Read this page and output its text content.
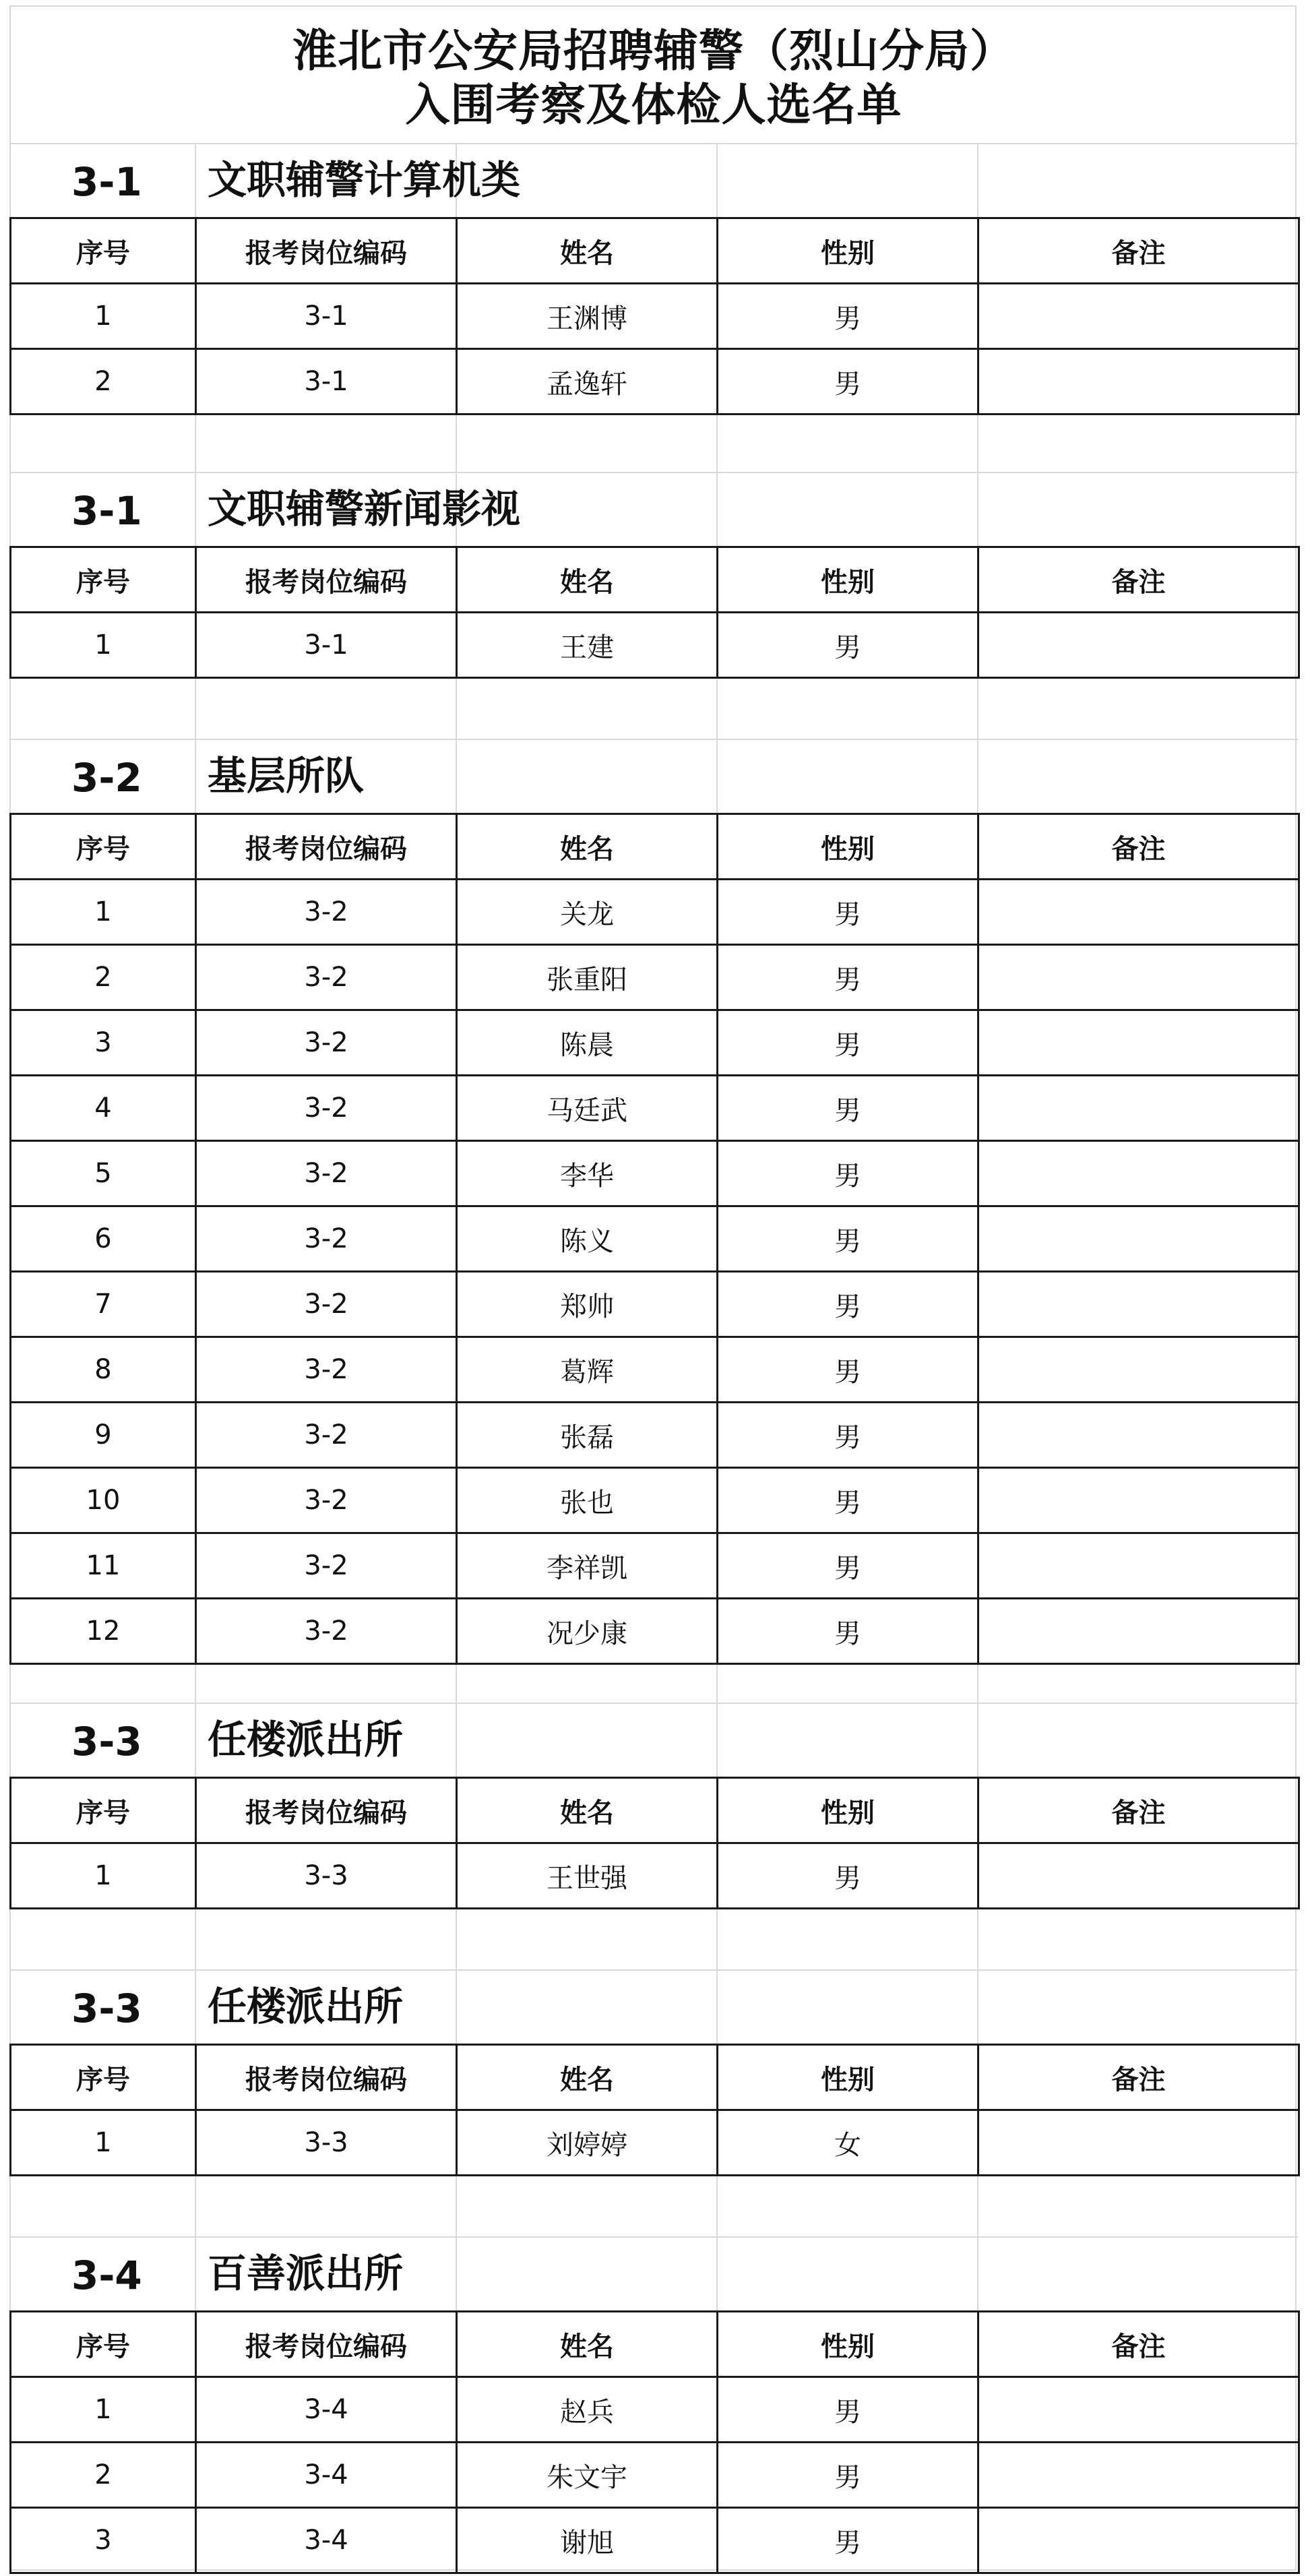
淮北市公安局招聘辅警（烈山分局）
入围考察及体检人选名单
3-1 文职辅警计算机类
序号	报考岗位编码	姓名	性别	备注
1	3-1	王渊博	男	
2	3-1	孟逸轩	男	
3-1 文职辅警新闻影视
序号	报考岗位编码	姓名	性别	备注
1	3-1	王建	男	
3-2 基层所队
序号	报考岗位编码	姓名	性别	备注
1	3-2	关龙	男	
2	3-2	张重阳	男	
3	3-2	陈晨	男	
4	3-2	马廷武	男	
5	3-2	李华	男	
6	3-2	陈义	男	
7	3-2	郑帅	男	
8	3-2	葛辉	男	
9	3-2	张磊	男	
10	3-2	张也	男	
11	3-2	李祥凯	男	
12	3-2	况少康	男	
3-3 任楼派出所
序号	报考岗位编码	姓名	性别	备注
1	3-3	王世强	男	
3-3 任楼派出所
序号	报考岗位编码	姓名	性别	备注
1	3-3	刘婷婷	女	
3-4 百善派出所
序号	报考岗位编码	姓名	性别	备注
1	3-4	赵兵	男	
2	3-4	朱文宇	男	
3	3-4	谢旭	男	
